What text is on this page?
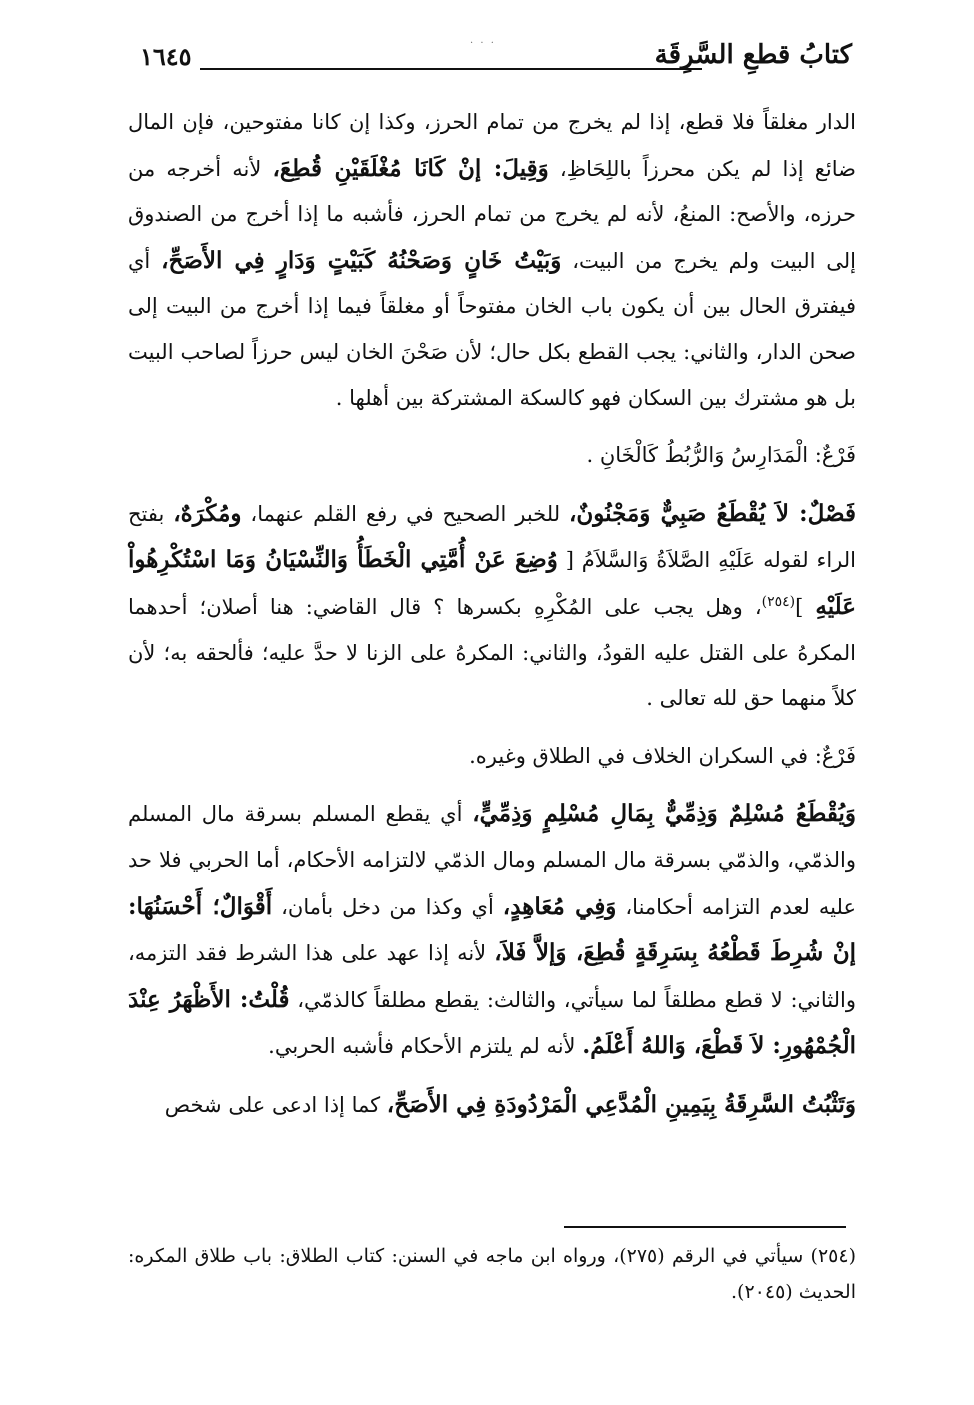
١٦٤٥	· · ·	كتابُ قطعِ السَّرِقَة

الدار مغلقاً فلا قطع، إذا لم يخرج من تمام الحرز، وكذا إن كانا مفتوحين، فإن المال ضائع إذا لم يكن محرزاً باللِحَاظِ، وَقِيلَ: إنْ كَانَا مُغْلَقَيْنِ قُطِعَ، لأنه أخرجه من حرزه، والأصح: المنعُ، لأنه لم يخرج من تمام الحرز، فأشبه ما إذا أخرج من الصندوق إلى البيت ولم يخرج من البيت، وَبَيْتُ خَانٍ وَصَحْنُهُ كَبَيْتٍ وَدَارٍ فِي الأَصَحِّ، أي فيفترق الحال بين أن يكون باب الخان مفتوحاً أو مغلقاً فيما إذا أخرج من البيت إلى صحن الدار، والثاني: يجب القطع بكل حال؛ لأن صَحْنَ الخان ليس حرزاً لصاحب البيت بل هو مشترك بين السكان فهو كالسكة المشتركة بين أهلها .

فَرْعٌ: الْمَدَارِسُ وَالرُّبُطُ كَالْخَانِ .

فَصْلٌ: لاَ يُقْطَعُ صَبِيٌّ وَمَجْنُونٌ، للخبر الصحيح في رفع القلم عنهما، ومُكْرَهٌ، بفتح الراء لقوله عَلَيْهِ الصَّلاَةُ وَالسَّلاَمُ [ وُضِعَ عَنْ أُمَّتِي الْخَطَأُ وَالنِّسْيَانُ وَمَا اسْتُكْرِهُواْ عَلَيْهِ ]$^{(٢٥٤)}$، وهل يجب على المُكْرِهِ بكسرها ؟ قال القاضي: هنا أصلان؛ أحدهما المكرهُ على القتل عليه القودُ، والثاني: المكرهُ على الزنا لا حدَّ عليه؛ فألحقه به؛ لأن كلاً منهما حق لله تعالى .

فَرْعٌ: في السكران الخلاف في الطلاق وغيره.

وَيُقْطَعُ مُسْلِمٌ وَذِمِّيٌّ بِمَالِ مُسْلِمٍ وَذِمِّيٍّ، أي يقطع المسلم بسرقة مال المسلم والذمّي، والذمّي بسرقة مال المسلم ومال الذمّي لالتزامه الأحكام، أما الحربي فلا حد عليه لعدم التزامه أحكامنا، وَفِي مُعَاهِدٍ، أي وكذا من دخل بأمان، أَقْوَالٌ؛ أَحْسَنُهَا: إنْ شُرِطَ قَطْعُهُ بِسَرِقَةٍ قُطِعَ، وَإلاَّ فَلاَ، لأنه إذا عهد على هذا الشرط فقد التزمه، والثاني: لا قطع مطلقاً لما سيأتي، والثالث: يقطع مطلقاً كالذمّي، قُلْتُ: الأَظْهَرُ عِنْدَ الْجُمْهُورِ: لاَ قَطْعَ، وَاللهُ أَعْلَمُ. لأنه لم يلتزم الأحكام فأشبه الحربي.

وَتَثْبُتُ السَّرِقَةُ بِيَمِينِ الْمُدَّعِي الْمَرْدُودَةِ فِي الأَصَحِّ، كما إذا ادعى على شخص

(٢٥٤) سيأتي في الرقم (٢٧٥)، ورواه ابن ماجه في السنن: كتاب الطلاق: باب طلاق المكره: الحديث (٢٠٤٥).
